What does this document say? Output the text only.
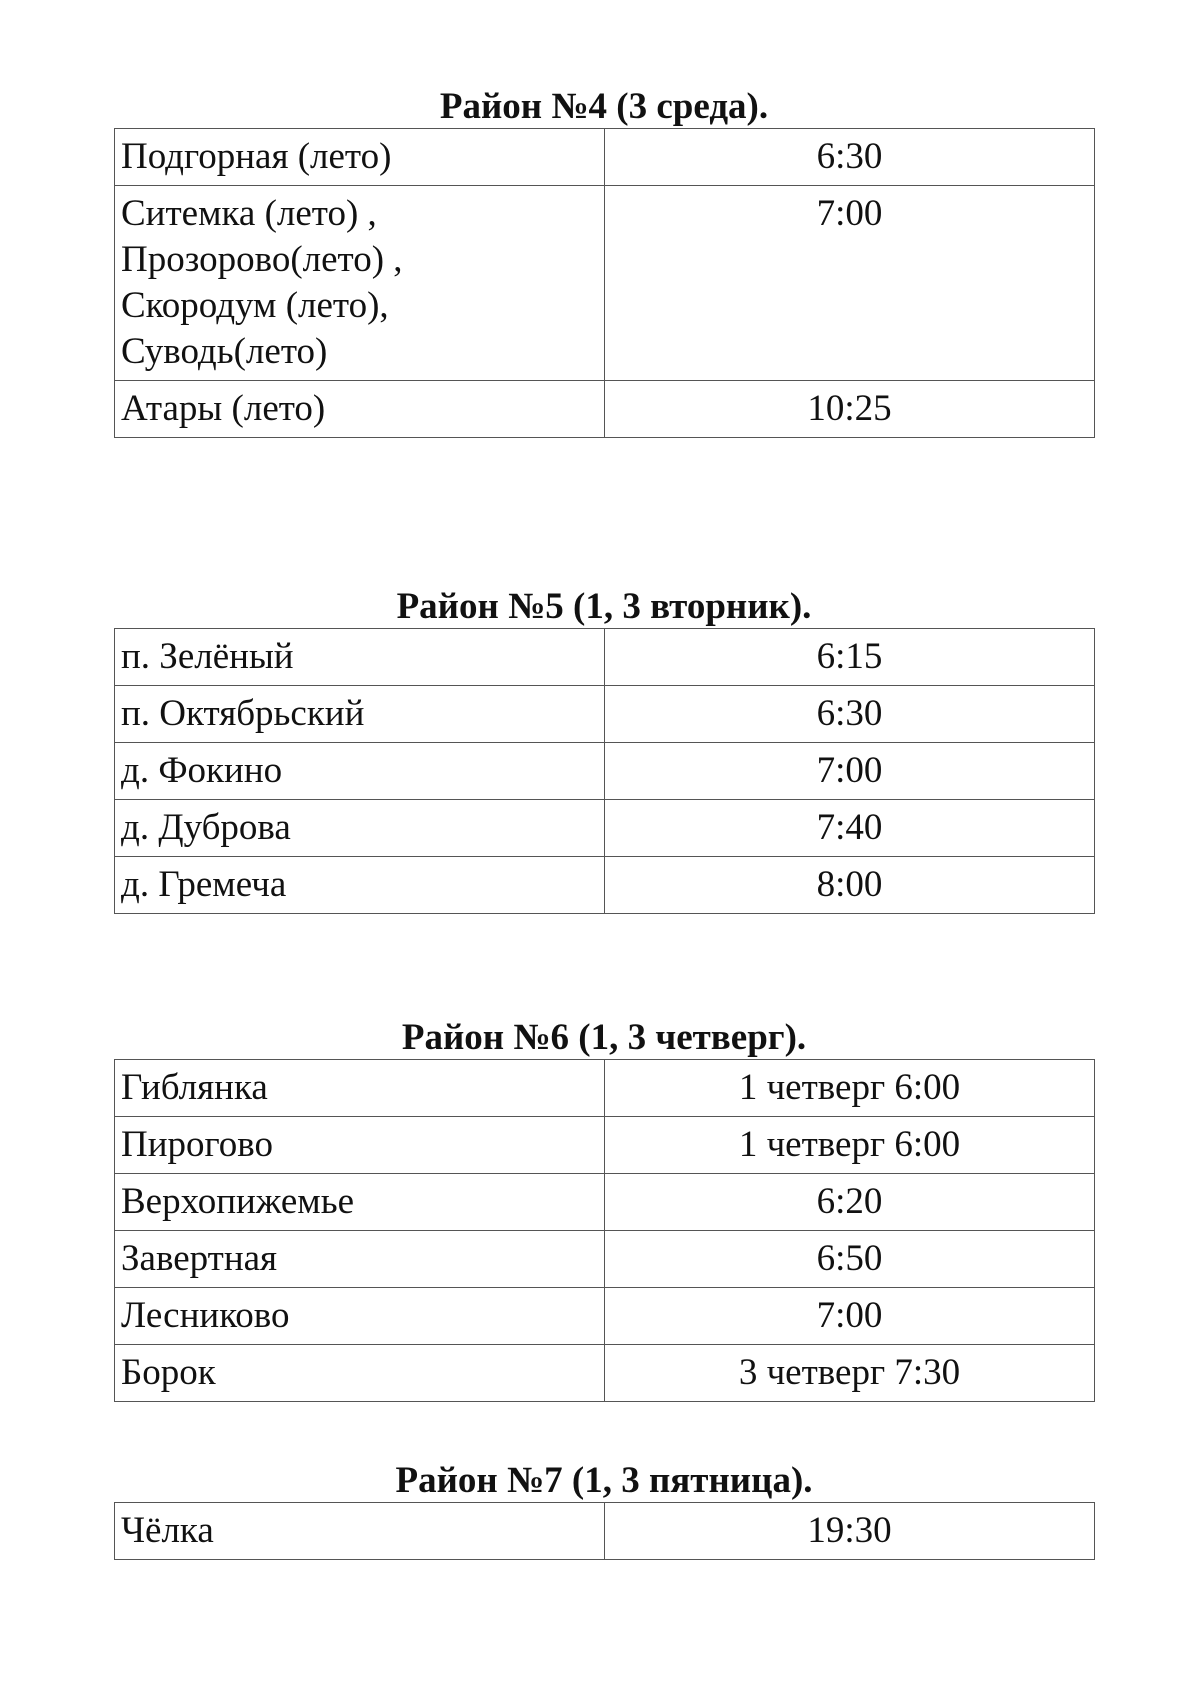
Район №4 (3 среда).
Подгорная (лето)	6:30
Ситемка (лето) ,
Прозорово(лето) ,
Скородум (лето),
Суводь(лето)	7:00
Атары (лето)	10:25
Район №5 (1, 3 вторник).
п. Зелёный	6:15
п. Октябрьский	6:30
д. Фокино	7:00
д. Дуброва	7:40
д. Гремеча	8:00
Район №6 (1, 3 четверг).
Гиблянка	1 четверг 6:00
Пирогово	1 четверг 6:00
Верхопижемье	6:20
Завертная	6:50
Лесниково	7:00
Борок	3 четверг 7:30
Район №7 (1, 3 пятница).
Чёлка	19:30
